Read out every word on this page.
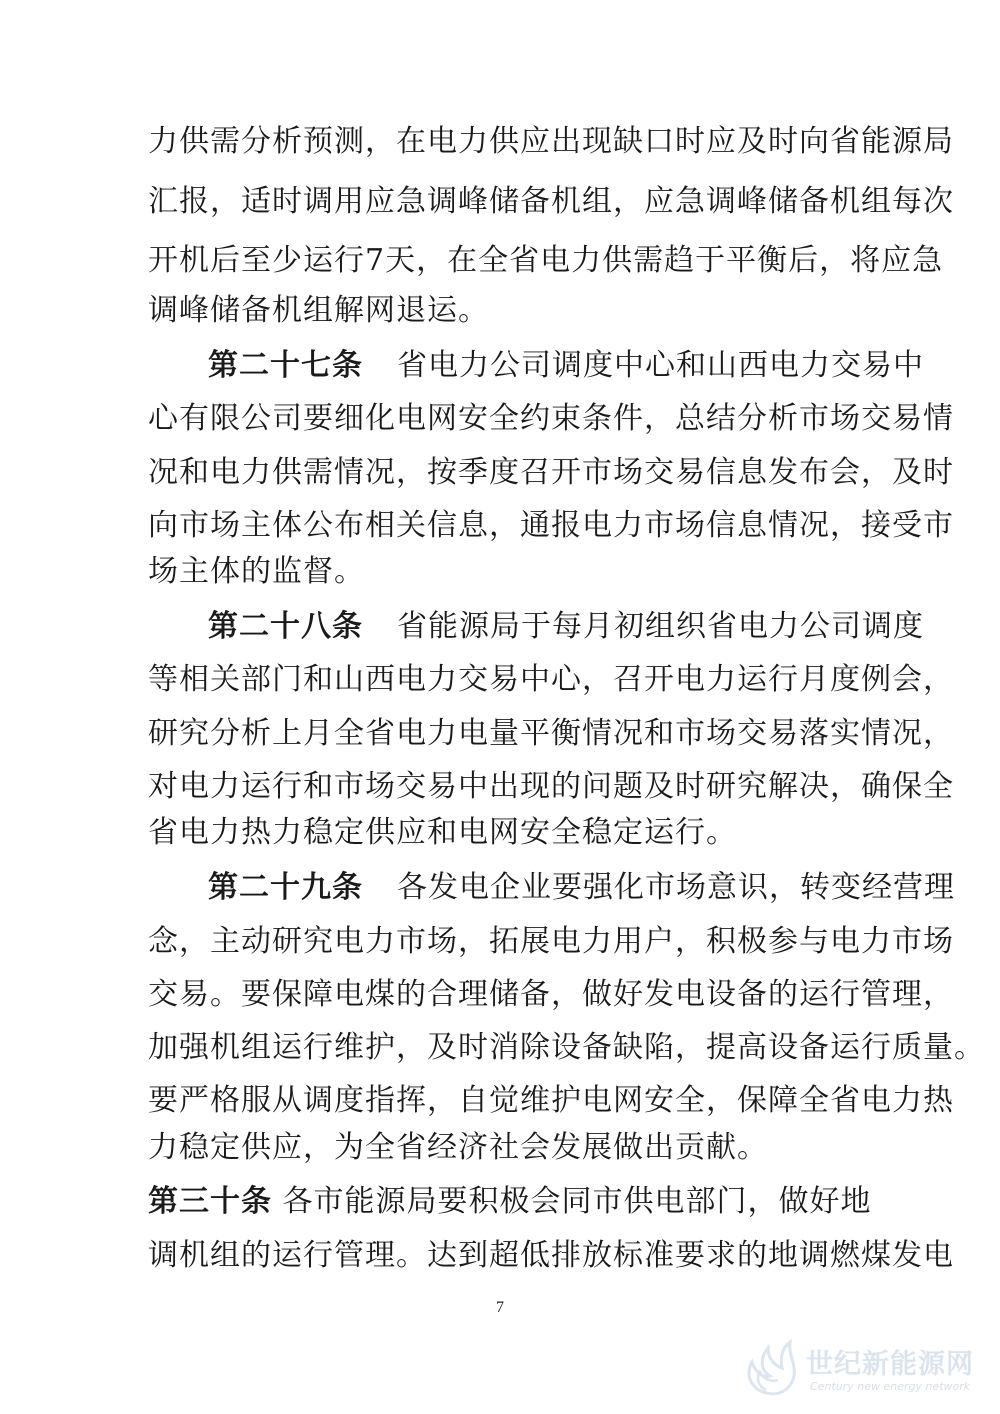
力供需分析预测，在电力供应出现缺口时应及时向省能源局
汇报，适时调用应急调峰储备机组，应急调峰储备机组每次
开机后至少运行7天，在全省电力供需趋于平衡后，将应急
调峰储备机组解网退运。
第二十七条 省电力公司调度中心和山西电力交易中
心有限公司要细化电网安全约束条件，总结分析市场交易情
况和电力供需情况，按季度召开市场交易信息发布会，及时
向市场主体公布相关信息，通报电力市场信息情况，接受市
场主体的监督。
第二十八条 省能源局于每月初组织省电力公司调度
等相关部门和山西电力交易中心，召开电力运行月度例会，
研究分析上月全省电力电量平衡情况和市场交易落实情况，
对电力运行和市场交易中出现的问题及时研究解决，确保全
省电力热力稳定供应和电网安全稳定运行。
第二十九条 各发电企业要强化市场意识，转变经营理
念，主动研究电力市场，拓展电力用户，积极参与电力市场
交易。要保障电煤的合理储备，做好发电设备的运行管理，
加强机组运行维护，及时消除设备缺陷，提高设备运行质量。
要严格服从调度指挥，自觉维护电网安全，保障全省电力热
力稳定供应，为全省经济社会发展做出贡献。
第三十条 各市能源局要积极会同市供电部门，做好地
调机组的运行管理。达到超低排放标准要求的地调燃煤发电
7
世纪新能源网
Century new energy network
